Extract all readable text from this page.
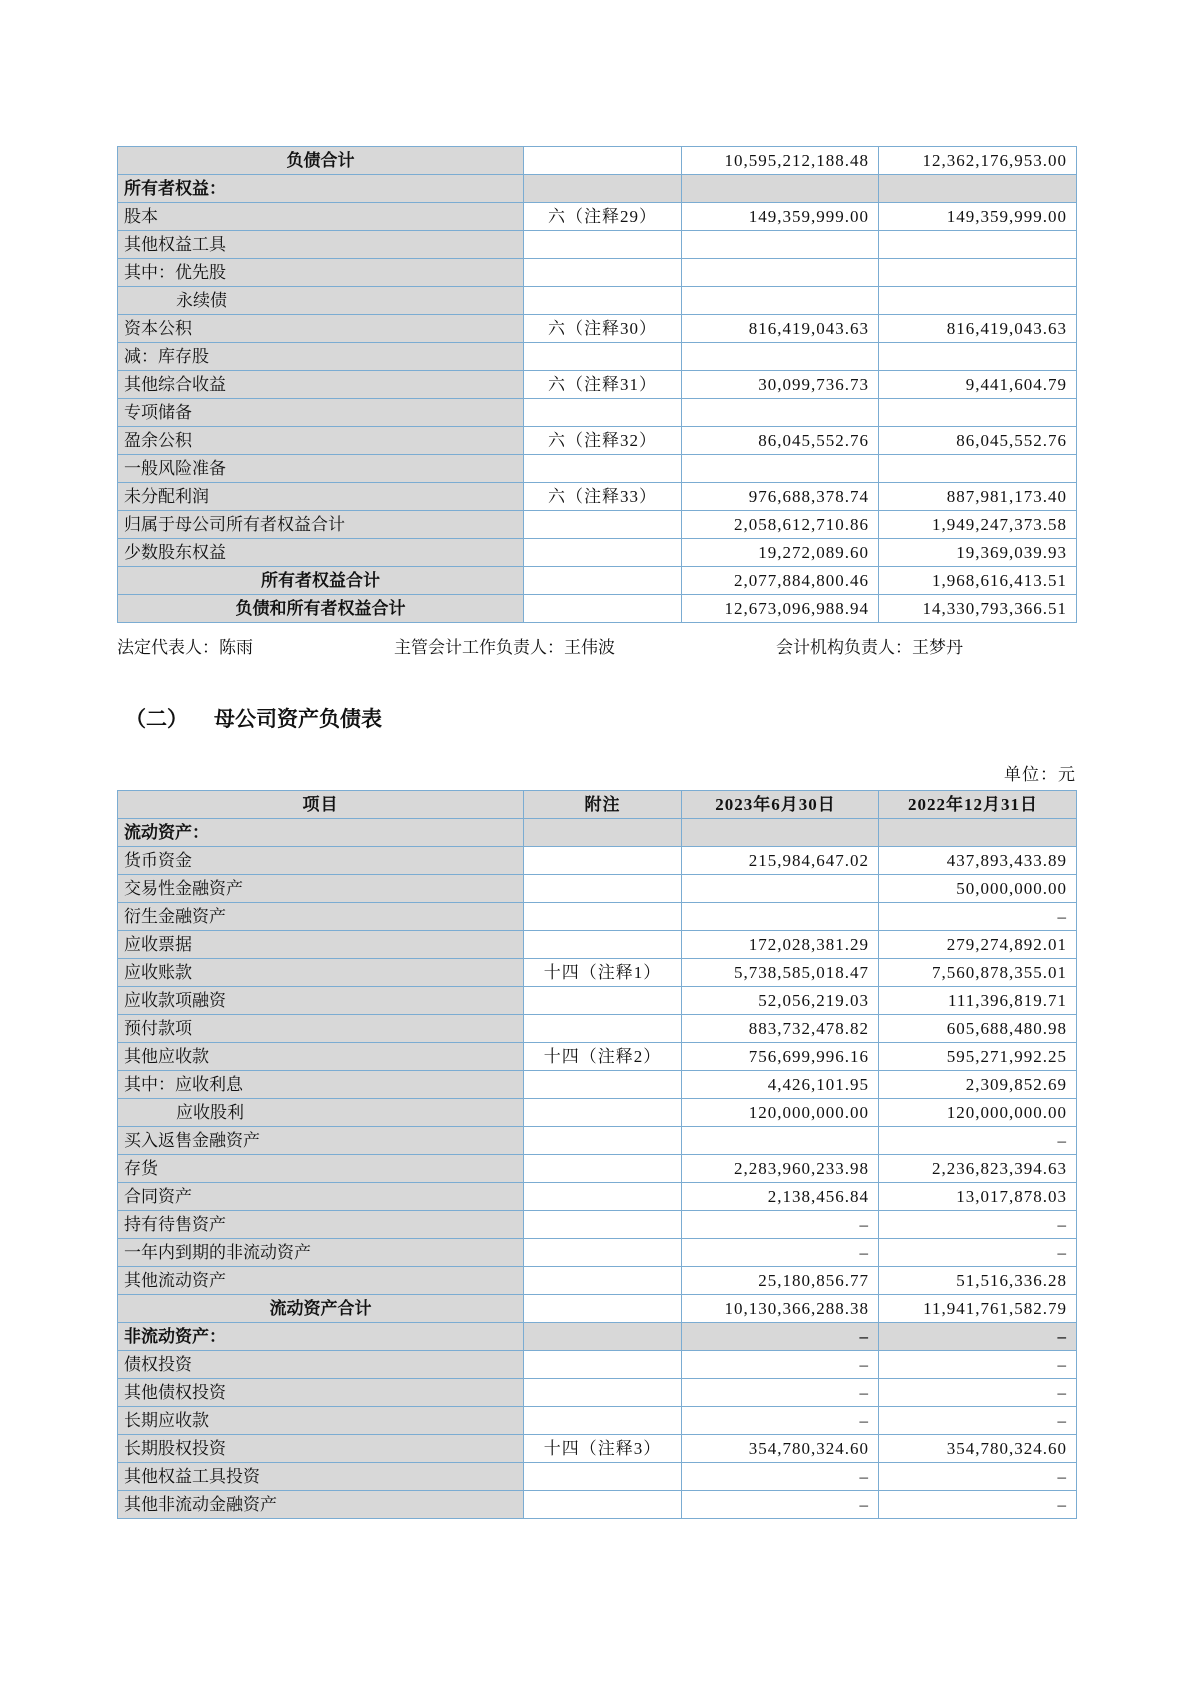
负债合计		10,595,212,188.48	12,362,176,953.00
所有者权益：			
股本	六（注释29）	149,359,999.00	149,359,999.00
其他权益工具			
其中：优先股			
永续债			
资本公积	六（注释30）	816,419,043.63	816,419,043.63
减：库存股			
其他综合收益	六（注释31）	30,099,736.73	9,441,604.79
专项储备			
盈余公积	六（注释32）	86,045,552.76	86,045,552.76
一般风险准备			
未分配利润	六（注释33）	976,688,378.74	887,981,173.40
归属于母公司所有者权益合计		2,058,612,710.86	1,949,247,373.58
少数股东权益		19,272,089.60	19,369,039.93
所有者权益合计		2,077,884,800.46	1,968,616,413.51
负债和所有者权益合计		12,673,096,988.94	14,330,793,366.51
法定代表人：陈雨	主管会计工作负责人：王伟波	会计机构负责人：王梦丹
（二） 母公司资产负债表
单位：元
项目	附注	2023年6月30日	2022年12月31日
流动资产：			
货币资金		215,984,647.02	437,893,433.89
交易性金融资产			50,000,000.00
衍生金融资产			–
应收票据		172,028,381.29	279,274,892.01
应收账款	十四（注释1）	5,738,585,018.47	7,560,878,355.01
应收款项融资		52,056,219.03	111,396,819.71
预付款项		883,732,478.82	605,688,480.98
其他应收款	十四（注释2）	756,699,996.16	595,271,992.25
其中：应收利息		4,426,101.95	2,309,852.69
应收股利		120,000,000.00	120,000,000.00
买入返售金融资产			–
存货		2,283,960,233.98	2,236,823,394.63
合同资产		2,138,456.84	13,017,878.03
持有待售资产		–	–
一年内到期的非流动资产		–	–
其他流动资产		25,180,856.77	51,516,336.28
流动资产合计		10,130,366,288.38	11,941,761,582.79
非流动资产：		–	–
债权投资		–	–
其他债权投资		–	–
长期应收款		–	–
长期股权投资	十四（注释3）	354,780,324.60	354,780,324.60
其他权益工具投资		–	–
其他非流动金融资产		–	–
